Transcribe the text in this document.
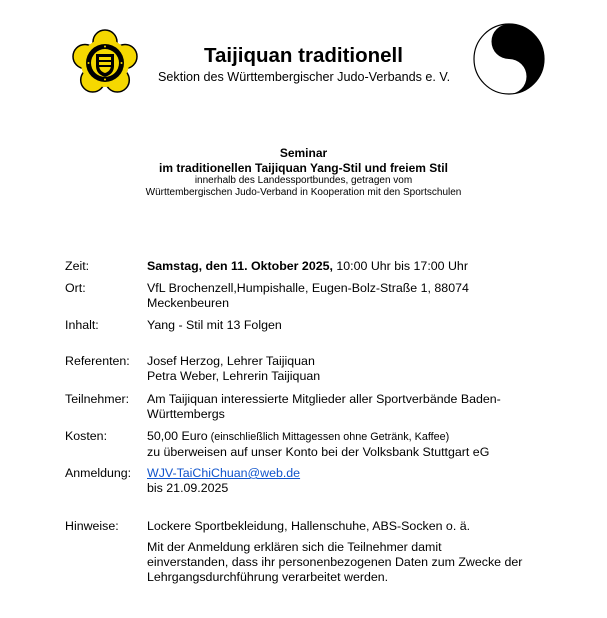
Taijiquan traditionell
Sektion des Württembergischer Judo-Verbands e. V.
Seminar
im traditionellen Taijiquan Yang-Stil und freiem Stil
innerhalb des Landessportbundes, getragen vom
Württembergischen Judo-Verband in Kooperation mit den Sportschulen
Zeit:	Samstag, den 11. Oktober 2025, 10:00 Uhr bis 17:00 Uhr
Ort:	VfL Brochenzell,Humpishalle, Eugen-Bolz-Straße 1, 88074
Meckenbeuren
Inhalt:	Yang - Stil mit 13 Folgen
Referenten: Josef Herzog, Lehrer Taijiquan
Petra Weber, Lehrerin Taijiquan
Teilnehmer: Am Taijiquan interessierte Mitglieder aller Sportverbände Baden-
Württembergs
Kosten:	50,00 Euro (einschließlich Mittagessen ohne Getränk, Kaffee)
zu überweisen auf unser Konto bei der Volksbank Stuttgart eG
Anmeldung: WJV-TaiChiChuan@web.de
bis 21.09.2025
Hinweise: Lockere Sportbekleidung, Hallenschuhe, ABS-Socken o. ä.
Mit der Anmeldung erklären sich die Teilnehmer damit
einverstanden, dass ihr personenbezogenen Daten zum Zwecke der
Lehrgangsdurchführung verarbeitet werden.
